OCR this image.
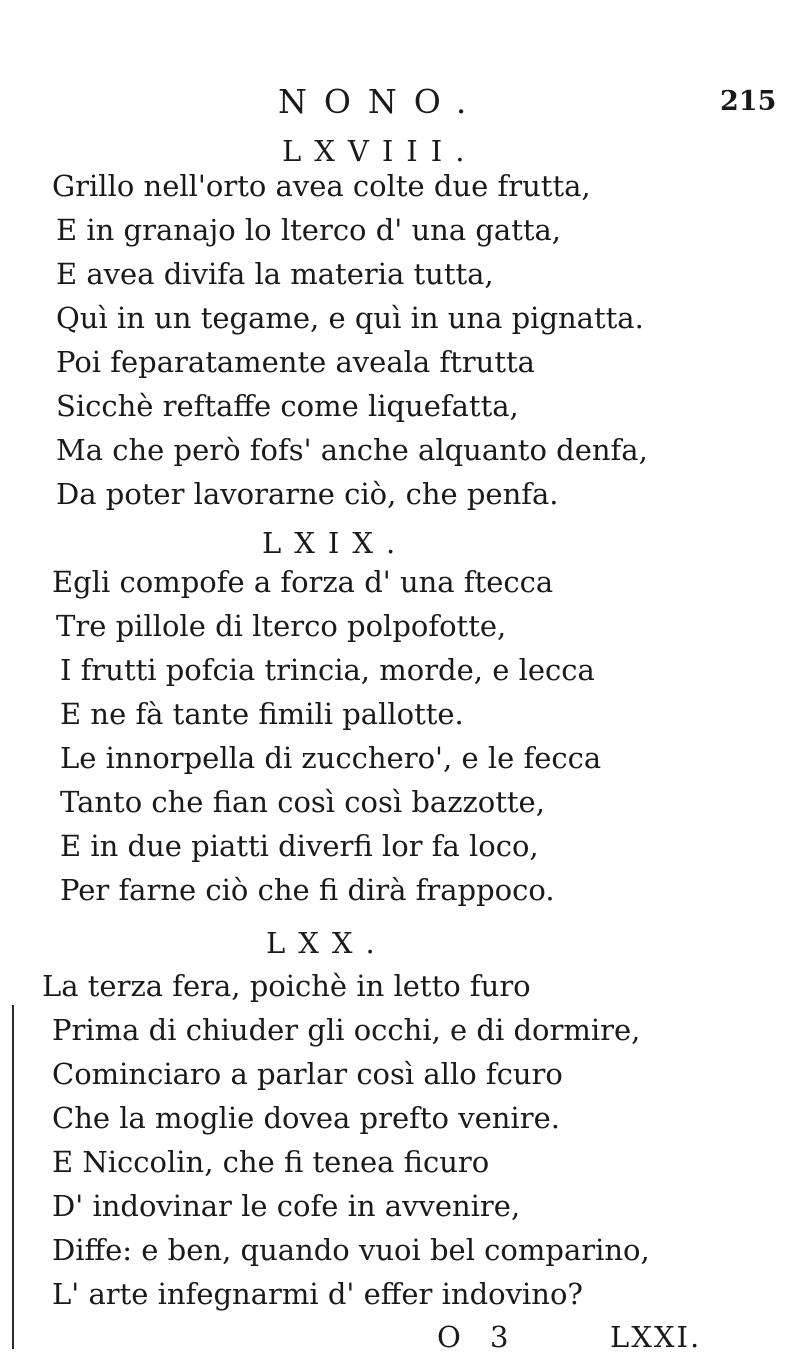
NONO.	215
LXVIII.
Grillo nell'orto avea colte due frutta,
E in granajo lo lterco d' una gatta,
E avea divifa la materia tutta,
Quì in un tegame, e quì in una pignatta.
Poi feparatamente aveala ftrutta
Sicchè reftaffe come liquefatta,
Ma che però fofs' anche alquanto denfa,
Da poter lavorarne ciò, che penfa.
LXIX.
Egli compofe a forza d' una ftecca
Tre pillole di lterco polpofotte,
I frutti pofcia trincia, morde, e lecca
E ne fà tante fimili pallotte.
Le innorpella di zucchero', e le fecca
Tanto che fian così così bazzotte,
E in due piatti diverfi lor fa loco,
Per farne ciò che fi dirà frappoco.
LXX.
La terza fera, poichè in letto furo
Prima di chiuder gli occhi, e di dormire,
Cominciaro a parlar così allo fcuro
Che la moglie dovea prefto venire.
E Niccolin, che fi tenea ficuro
D' indovinar le cofe in avvenire,
Diffe: e ben, quando vuoi bel comparino,
L' arte infegnarmi d' effer indovino?
O 3	LXXI.
